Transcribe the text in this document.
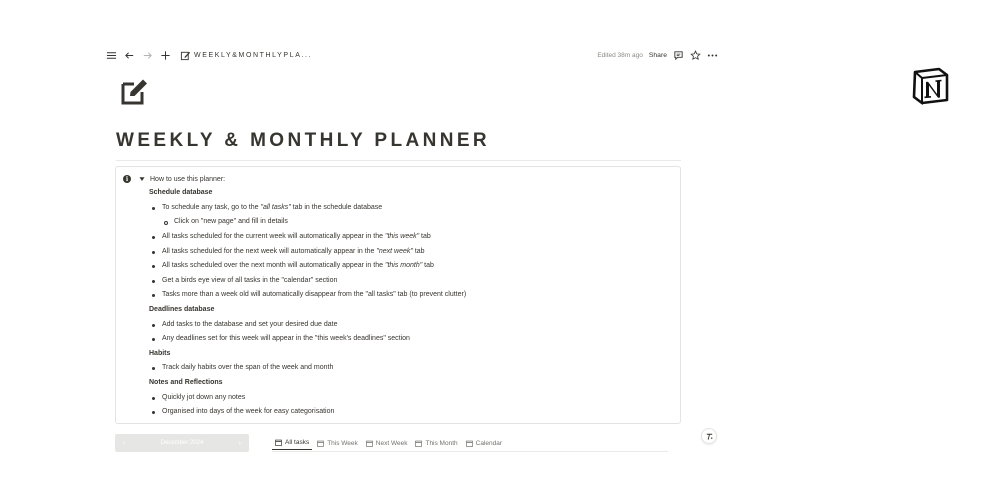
WEEKLY&MONTHLYPLA...	Edited 38m ago Share
WEEKLY & MONTHLY PLANNER
i	How to use this planner:
Schedule database
To schedule any task, go to the "all tasks" tab in the schedule database
Click on "new page" and fill in details
All tasks scheduled for the current week will automatically appear in the "this week" tab
All tasks scheduled for the next week will automatically appear in the "next week" tab
All tasks scheduled over the next month will automatically appear in the "this month" tab
Get a birds eye view of all tasks in the "calendar" section
Tasks more than a week old will automatically disappear from the "all tasks" tab (to prevent clutter)
Deadlines database
Add tasks to the database and set your desired due date
Any deadlines set for this week will appear in the "this week's deadlines" section
Habits
Track daily habits over the span of the week and month
Notes and Reflections
Quickly jot down any notes
Organised into days of the week for easy categorisation
‹	December 2024	›	All tasks	This Week	Next Week	This Month	Calendar
